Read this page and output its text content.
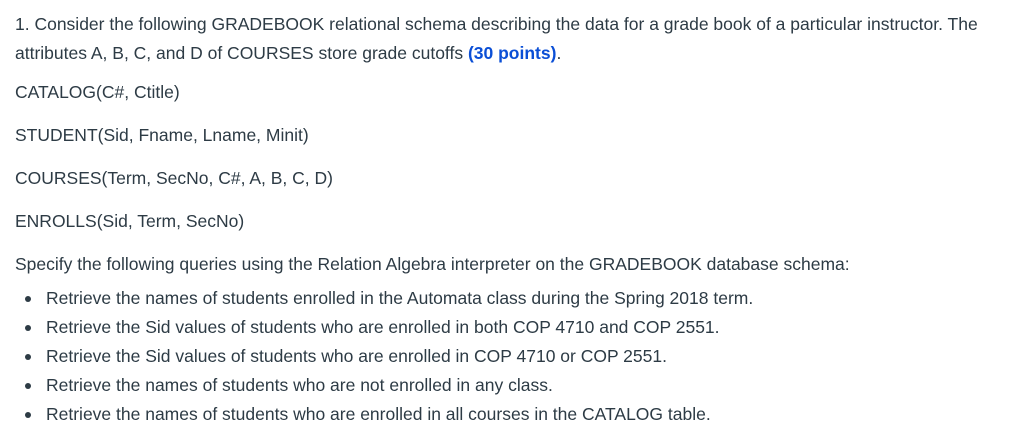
1. Consider the following GRADEBOOK relational schema describing the data for a grade book of a particular instructor. The attributes A, B, C, and D of COURSES store grade cutoffs (30 points).

CATALOG(C#, Ctitle)

STUDENT(Sid, Fname, Lname, Minit)

COURSES(Term, SecNo, C#, A, B, C, D)

ENROLLS(Sid, Term, SecNo)

Specify the following queries using the Relation Algebra interpreter on the GRADEBOOK database schema:

Retrieve the names of students enrolled in the Automata class during the Spring 2018 term.
Retrieve the Sid values of students who are enrolled in both COP 4710 and COP 2551.
Retrieve the Sid values of students who are enrolled in COP 4710 or COP 2551.
Retrieve the names of students who are not enrolled in any class.
Retrieve the names of students who are enrolled in all courses in the CATALOG table.
